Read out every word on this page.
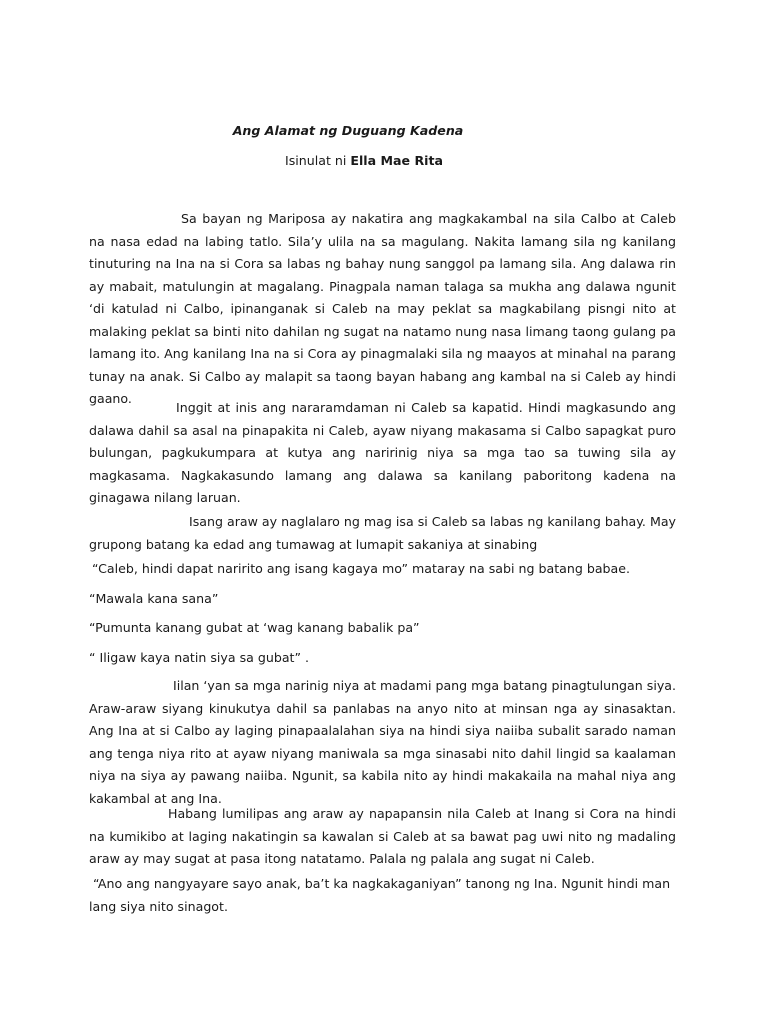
Ang Alamat ng Duguang Kadena
Isinulat ni Ella Mae Rita

Sa bayan ng Mariposa ay nakatira ang magkakambal na sila Calbo at Caleb na nasa edad na labing tatlo. Sila’y ulila na sa magulang. Nakita lamang sila ng kanilang tinuturing na Ina na si Cora sa labas ng bahay nung sanggol pa lamang sila. Ang dalawa rin ay mabait, matulungin at magalang. Pinagpala naman talaga sa mukha ang dalawa ngunit ‘di katulad ni Calbo, ipinanganak si Caleb na may peklat sa magkabilang pisngi nito at malaking peklat sa binti nito dahilan ng sugat na natamo nung nasa limang taong gulang pa lamang ito. Ang kanilang Ina na si Cora ay pinagmalaki sila ng maayos at minahal na parang tunay na anak. Si Calbo ay malapit sa taong bayan habang ang kambal na si Caleb ay hindi gaano.

Inggit at inis ang nararamdaman ni Caleb sa kapatid. Hindi magkasundo ang dalawa dahil sa asal na pinapakita ni Caleb, ayaw niyang makasama si Calbo sapagkat puro bulungan, pagkukumpara at kutya ang naririnig niya sa mga tao sa tuwing sila ay magkasama. Nagkakasundo lamang ang dalawa sa kanilang paboritong kadena na ginagawa nilang laruan.

Isang araw ay naglalaro ng mag isa si Caleb sa labas ng kanilang bahay. May grupong batang ka edad ang tumawag at lumapit sakaniya at sinabing

“Caleb, hindi dapat naririto ang isang kagaya mo” mataray na sabi ng batang babae.
“Mawala kana sana”
“Pumunta kanang gubat at ‘wag kanang babalik pa”
“ Iligaw kaya natin siya sa gubat” .

Iilan ‘yan sa mga narinig niya at madami pang mga batang pinagtulungan siya. Araw-araw siyang kinukutya dahil sa panlabas na anyo nito at minsan nga ay sinasaktan. Ang Ina at si Calbo ay laging pinapaalalahan siya na hindi siya naiiba subalit sarado naman ang tenga niya rito at ayaw niyang maniwala sa mga sinasabi nito dahil lingid sa kaalaman niya na siya ay pawang naiiba. Ngunit, sa kabila nito ay hindi makakaila na mahal niya ang kakambal at ang Ina.

Habang lumilipas ang araw ay napapansin nila Caleb at Inang si Cora na hindi na kumikibo at laging nakatingin sa kawalan si Caleb at sa bawat pag uwi nito ng madaling araw ay may sugat at pasa itong natatamo. Palala ng palala ang sugat ni Caleb.

“Ano ang nangyayare sayo anak, ba’t ka nagkakaganiyan” tanong ng Ina. Ngunit hindi man lang siya nito sinagot.
